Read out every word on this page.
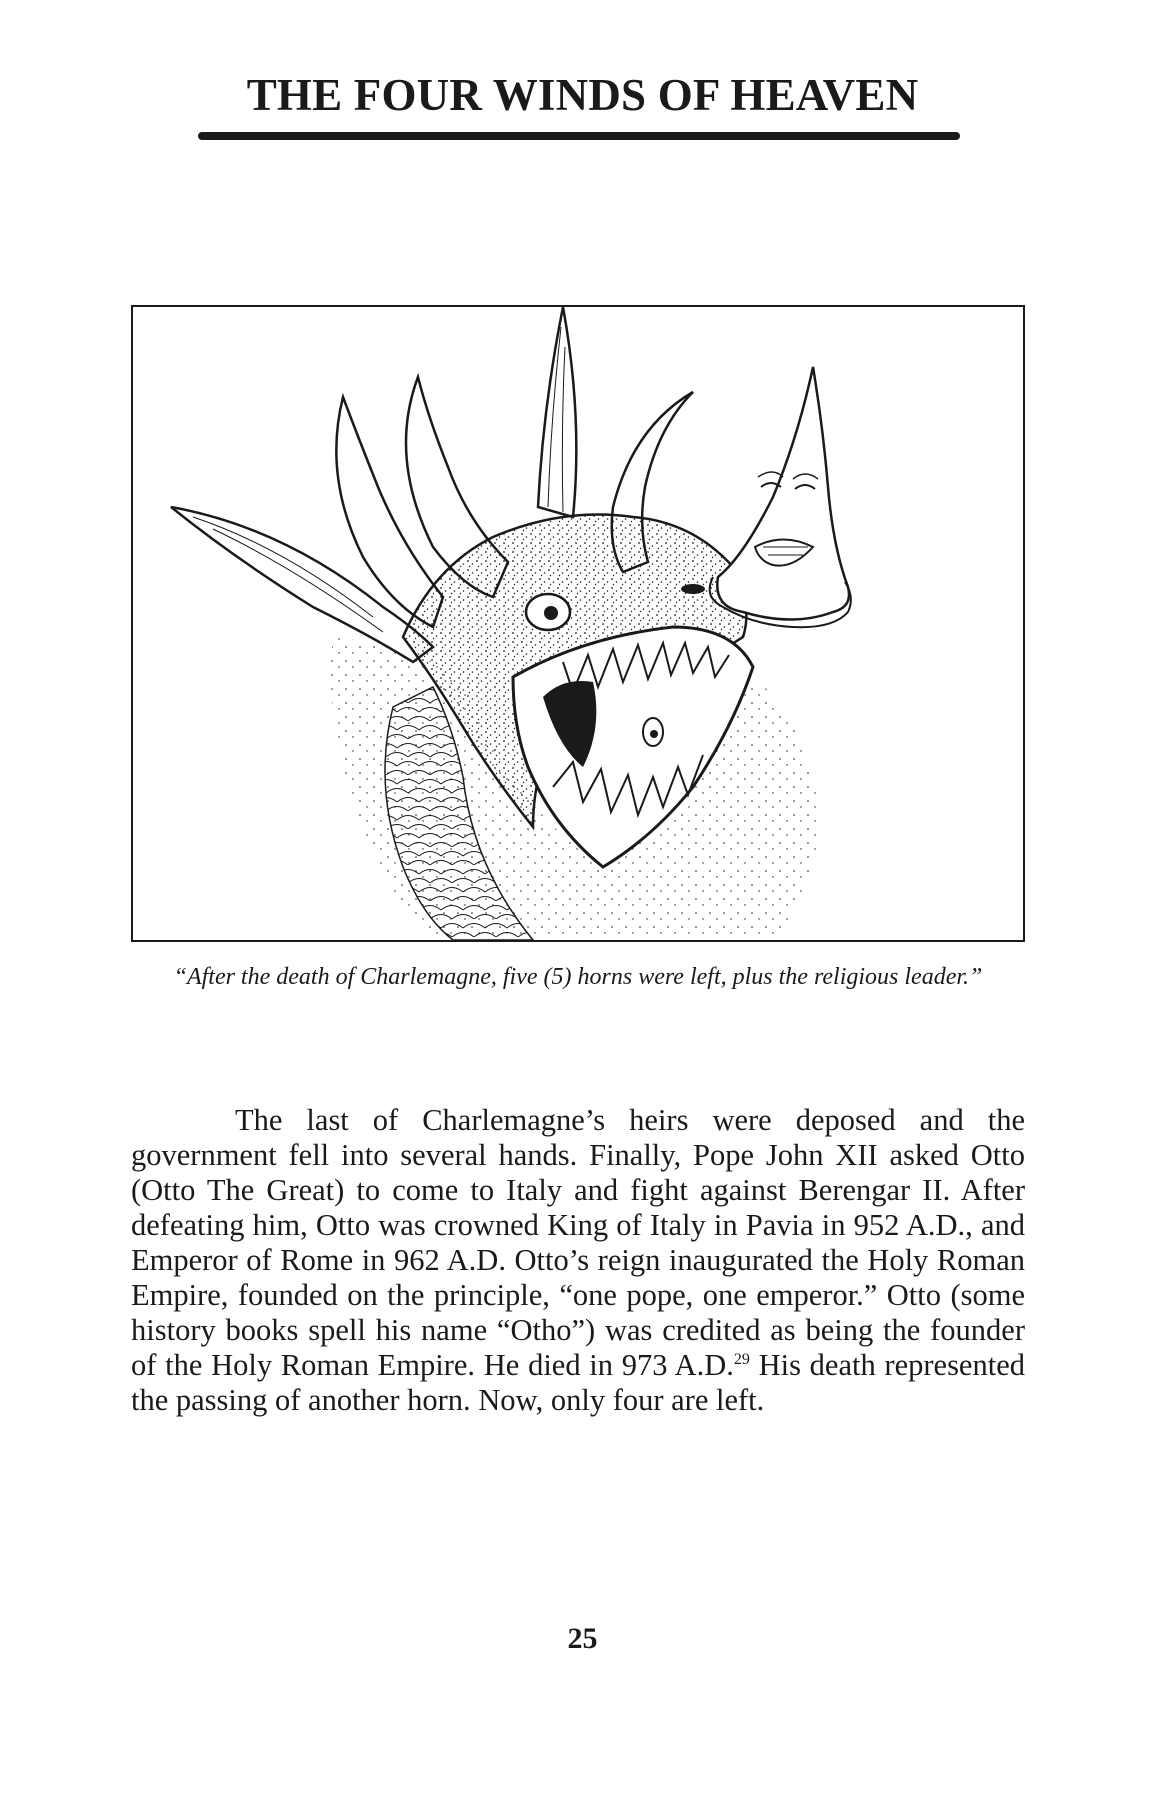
THE FOUR WINDS OF HEAVEN
“After the death of Charlemagne, five (5) horns were left, plus the religious leader.”

The last of Charlemagne’s heirs were deposed and the government fell into several hands. Finally, Pope John XII asked Otto (Otto The Great) to come to Italy and fight against Berengar II. After defeating him, Otto was crowned King of Italy in Pavia in 952 A.D., and Emperor of Rome in 962 A.D. Otto’s reign inaugurated the Holy Roman Empire, founded on the principle, “one pope, one emperor.” Otto (some history books spell his name “Otho”) was credited as being the founder of the Holy Roman Empire. He died in 973 A.D.$^{29}$ His death represented the passing of another horn. Now, only four are left.

25
